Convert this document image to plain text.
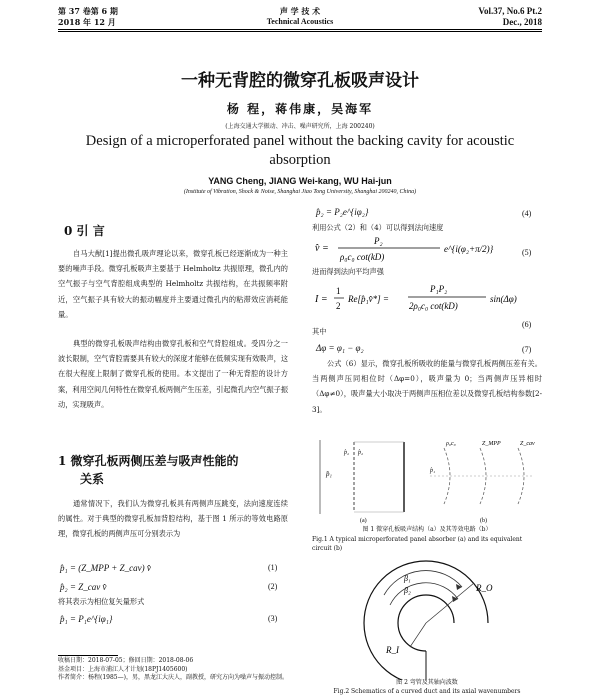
第 37 卷第 6 期	声 学 技 术	Vol.37, No.6 Pt.2
2018 年 12 月	Technical Acoustics	Dec., 2018
一种无背腔的微穿孔板吸声设计
杨 程，蒋伟康，吴海军
(上海交通大学振动、冲击、噪声研究所，上海 200240)
Design of a microperforated panel without the backing cavity for acoustic absorption
YANG Cheng, JIANG Wei-kang, WU Hai-jun
(Institute of Vibration, Shock & Noise, Shanghai Jiao Tong University, Shanghai 200240, China)
0 引 言
自马大猷[1]提出微孔吸声理论以来，微穿孔板已经逐渐成为一种主要的噪声手段。微穿孔板吸声主要基于 Helmholtz 共振原理，微孔内的空气振子与空气背腔组成典型的 Helmholtz 共振结构，在共振频率附近，空气振子具有较大的振动幅度并主要通过微孔内的粘滞效应消耗能量。
典型的微穿孔板吸声结构由微穿孔板和空气背腔组成。受四分之一波长限制，空气背腔需要具有较大的深度才能够在低频实现有效吸声，这在很大程度上限制了微穿孔板的使用。本文提出了一种无背腔的设计方案，利用空间几何特性在微穿孔板两侧产生压差，引起微孔内空气振子振动，实现吸声。
1 微穿孔板两侧压差与吸声性能的
关系
通常情况下，我们认为微穿孔板具有两侧声压跳变，法向速度连续的属性。对于典型的微穿孔板加背腔结构，基于图 1 所示的等效电路原理，微穿孔板的两侧声压可分别表示为
p̂₁ = (Z_MPP + Z_cav) v̂	(1)
p̂₂ = Z_cav v̂	(2)
将其表示为相位复矢量形式
p̂₁ = P₁e^{iφ₁}	(3)
收稿日期：2018-07-05；修回日期：2018-08-06
基金项目：上海市浦江人才计划(18PJ1405600)
作者简介：杨程(1985—)，男，黑龙江大庆人，副教授，研究方向为噪声与振动控制。
p̂₂ = P₂e^{iφ₂}	(4)
利用公式（2）和（4）可以得到法向速度
v̂ =
P₂
ρ₀c₀ cot(kD)
e^{i(φ₂+π/2)}	(5)
进而得到法向平均声强
I =
1
2
Re[p̂₁v̂*] =
P₁P₂
2ρ₀c₀ cot(kD)
sin(Δφ)
(6)
其中
Δφ = φ₁ − φ₂	(7)
公式（6）显示，微穿孔板所吸收的能量与微穿孔板两侧压差有关。当两侧声压同相位时（Δφ=0），吸声量为 0；当两侧声压异相时（Δφ≠0），吸声量大小取决于两侧声压相位差以及微穿孔板结构参数[2-3]。
p̂₁
p̂₂ p̂₂
ρ₀c₀	Z_MPP	Z_cav
p̂₁
(a)	(b)
图 1 微穿孔板吸声结构（a）及其等效电路（b）
Fig.1 A typical microperforated panel absorber (a) and its equivalent circuit (b)
β₁
β₂	R_O
R_I
图 2 弯管及其轴向波数
Fig.2 Schematics of a curved duct and its axial wavenumbers
